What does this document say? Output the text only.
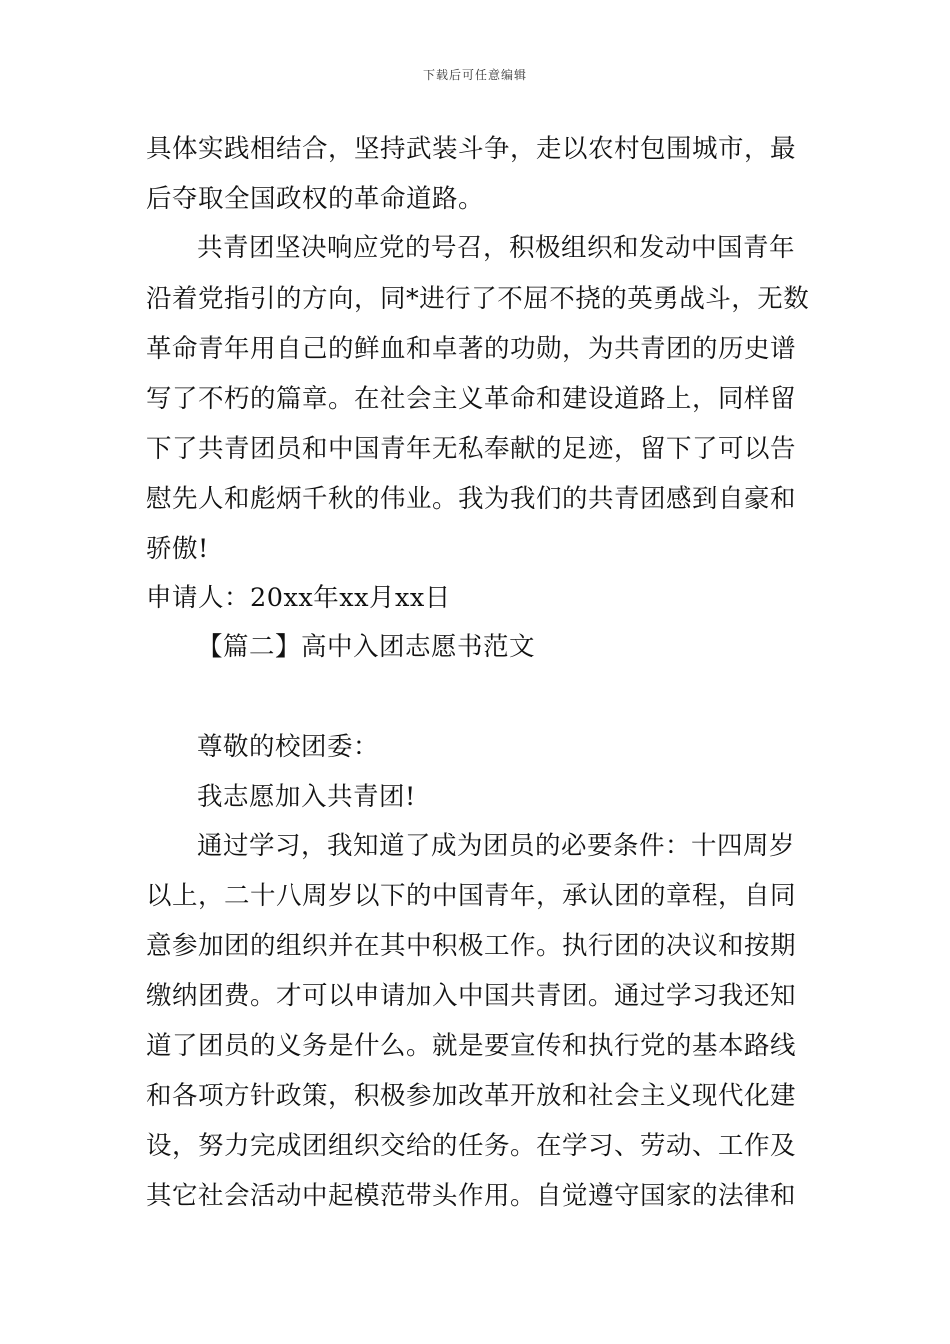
下载后可任意编辑
具体实践相结合，坚持武装斗争，走以农村包围城市，最
后夺取全国政权的革命道路。
共青团坚决响应党的号召，积极组织和发动中国青年
沿着党指引的方向，同*进行了不屈不挠的英勇战斗，无数
革命青年用自己的鲜血和卓著的功勋，为共青团的历史谱
写了不朽的篇章。在社会主义革命和建设道路上，同样留
下了共青团员和中国青年无私奉献的足迹，留下了可以告
慰先人和彪炳千秋的伟业。我为我们的共青团感到自豪和
骄傲!
申请人：20xx年xx月xx日
【篇二】高中入团志愿书范文
尊敬的校团委：
我志愿加入共青团!
通过学习，我知道了成为团员的必要条件：十四周岁
以上，二十八周岁以下的中国青年，承认团的章程，自同
意参加团的组织并在其中积极工作。执行团的决议和按期
缴纳团费。才可以申请加入中国共青团。通过学习我还知
道了团员的义务是什么。就是要宣传和执行党的基本路线
和各项方针政策，积极参加改革开放和社会主义现代化建
设，努力完成团组织交给的任务。在学习、劳动、工作及
其它社会活动中起模范带头作用。自觉遵守国家的法律和
